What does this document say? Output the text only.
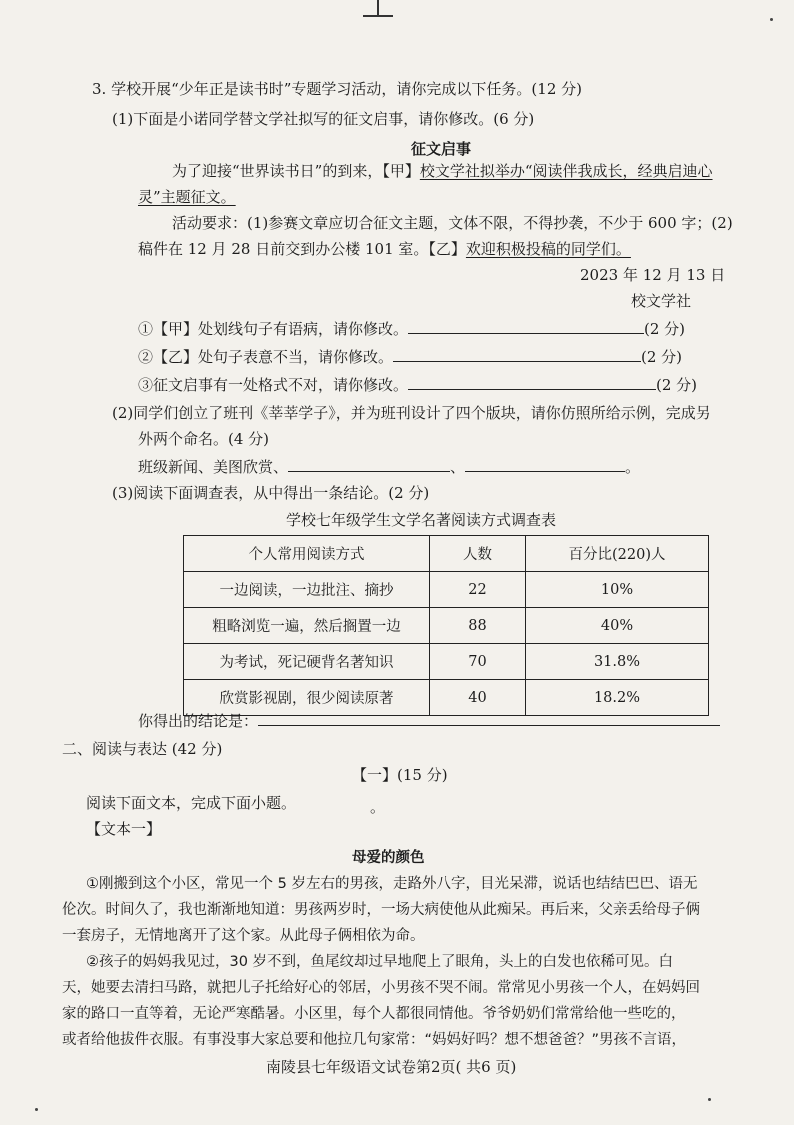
3. 学校开展“少年正是读书时”专题学习活动，请你完成以下任务。(12 分)
(1)下面是小诺同学替文学社拟写的征文启事，请你修改。(6 分)
征文启事
为了迎接“世界读书日”的到来，【甲】校文学社拟举办“阅读伴我成长，经典启迪心
灵”主题征文。
活动要求：(1)参赛文章应切合征文主题，文体不限，不得抄袭，不少于 600 字；(2)
稿件在 12 月 28 日前交到办公楼 101 室。【乙】欢迎积极投稿的同学们。
2023 年 12 月 13 日
校文学社
①【甲】处划线句子有语病，请你修改。	(2 分)
②【乙】处句子表意不当，请你修改。	(2 分)
③征文启事有一处格式不对，请你修改。	(2 分)
(2)同学们创立了班刊《莘莘学子》，并为班刊设计了四个版块，请你仿照所给示例，完成另
外两个命名。(4 分)
班级新闻、美图欣赏、	、	。
(3)阅读下面调查表，从中得出一条结论。(2 分)
学校七年级学生文学名著阅读方式调查表
个人常用阅读方式	人数	百分比(220)人
一边阅读，一边批注、摘抄	22	10%
粗略浏览一遍，然后搁置一边	88	40%
为考试，死记硬背名著知识	70	31.8%
欣赏影视剧，很少阅读原著	40	18.2%
你得出的结论是：
二、阅读与表达 (42 分)
【一】(15 分)
阅读下面文本，完成下面小题。	。
【文本一】
母爱的颜色
①刚搬到这个小区，常见一个 5 岁左右的男孩，走路外八字，目光呆滞，说话也结结巴巴、语无
伦次。时间久了，我也渐渐地知道：男孩两岁时，一场大病使他从此痴呆。再后来，父亲丢给母子俩
一套房子，无情地离开了这个家。从此母子俩相依为命。
②孩子的妈妈我见过，30 岁不到，鱼尾纹却过早地爬上了眼角，头上的白发也依稀可见。白
天，她要去清扫马路，就把儿子托给好心的邻居，小男孩不哭不闹。常常见小男孩一个人，在妈妈回
家的路口一直等着，无论严寒酷暑。小区里，每个人都很同情他。爷爷奶奶们常常给他一些吃的，
或者给他拔件衣服。有事没事大家总要和他拉几句家常：“妈妈好吗？想不想爸爸？”男孩不言语，
南陵县七年级语文试卷第2页( 共6 页)
